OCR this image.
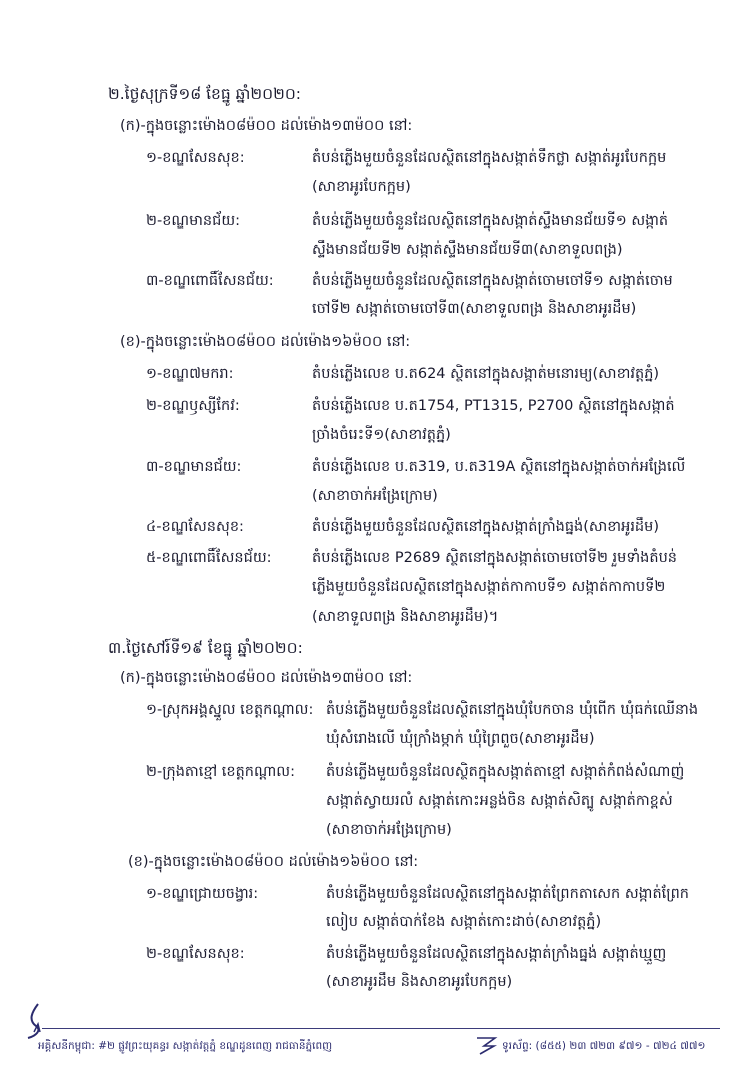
២.ថ្ងៃសុក្រទី១៨ ខែធ្នូ ឆ្នាំ២០២០:
(ក)-ក្នុងចន្លោះម៉ោង០៨ម៉០០ ដល់ម៉ោង១៣ម៉០០ នៅ:
១-ខណ្ឌសែនសុខ:	តំបន់ភ្លើងមួយចំនួនដែលស្ថិតនៅក្នុងសង្កាត់ទឹកថ្លា សង្កាត់អូរបែកក្អម
(សាខាអូរបែកក្អម)
២-ខណ្ឌមានជ័យ:	តំបន់ភ្លើងមួយចំនួនដែលស្ថិតនៅក្នុងសង្កាត់ស្ទឹងមានជ័យទី១ សង្កាត់
ស្ទឹងមានជ័យទី២ សង្កាត់ស្ទឹងមានជ័យទី៣(សាខាទួលពង្រ)
៣-ខណ្ឌពោធិ៍សែនជ័យ:	តំបន់ភ្លើងមួយចំនួនដែលស្ថិតនៅក្នុងសង្កាត់ចោមចៅទី១ សង្កាត់ចោម
ចៅទី២ សង្កាត់ចោមចៅទី៣(សាខាទួលពង្រ និងសាខាអូរដឹម)
(ខ)-ក្នុងចន្លោះម៉ោង០៨ម៉០០ ដល់ម៉ោង១៦ម៉០០ នៅ:
១-ខណ្ឌ៧មករា:	តំបន់ភ្លើងលេខ ប.ត624 ស្ថិតនៅក្នុងសង្កាត់មនោរម្យ(សាខាវត្តភ្នំ)
២-ខណ្ឌឫស្សីកែវ:	តំបន់ភ្លើងលេខ ប.ត1754, PT1315, P2700 ស្ថិតនៅក្នុងសង្កាត់
ច្រាំងចំរេះទី១(សាខាវត្តភ្នំ)
៣-ខណ្ឌមានជ័យ:	តំបន់ភ្លើងលេខ ប.ត319, ប.ត319A ស្ថិតនៅក្នុងសង្កាត់ចាក់អង្រែលើ
(សាខាចាក់អង្រែក្រោម)
៤-ខណ្ឌសែនសុខ:	តំបន់ភ្លើងមួយចំនួនដែលស្ថិតនៅក្នុងសង្កាត់ក្រាំងធ្នង់(សាខាអូរដឹម)
៥-ខណ្ឌពោធិ៍សែនជ័យ:	តំបន់ភ្លើងលេខ P2689 ស្ថិតនៅក្នុងសង្កាត់ចោមចៅទី២ រួមទាំងតំបន់
ភ្លើងមួយចំនួនដែលស្ថិតនៅក្នុងសង្កាត់កាកាបទី១ សង្កាត់កាកាបទី២
(សាខាទួលពង្រ និងសាខាអូរដឹម)។
៣.ថ្ងៃសៅរ៍ទី១៩ ខែធ្នូ ឆ្នាំ២០២០:
(ក)-ក្នុងចន្លោះម៉ោង០៨ម៉០០ ដល់ម៉ោង១៣ម៉០០ នៅ:
១-ស្រុកអង្គស្នួល ខេត្តកណ្ដាល: តំបន់ភ្លើងមួយចំនួនដែលស្ថិតនៅក្នុងឃុំបែកចាន ឃុំពើក ឃុំធក់ឈើនាង
ឃុំសំរោងលើ ឃុំក្រាំងម្កាក់ ឃុំព្រៃពួច(សាខាអូរដឹម)
២-ក្រុងតាខ្មៅ ខេត្តកណ្ដាល: តំបន់ភ្លើងមួយចំនួនដែលស្ថិតក្នុងសង្កាត់តាខ្មៅ សង្កាត់កំពង់សំណាញ់
សង្កាត់ស្វាយរលំ សង្កាត់កោះអន្លង់ចិន សង្កាត់សិត្បូ សង្កាត់កាខ្ពស់
(សាខាចាក់អង្រែក្រោម)
(ខ)-ក្នុងចន្លោះម៉ោង០៨ម៉០០ ដល់ម៉ោង១៦ម៉០០ នៅ:
១-ខណ្ឌជ្រោយចង្វារ:	តំបន់ភ្លើងមួយចំនួនដែលស្ថិតនៅក្នុងសង្កាត់ព្រែកតាសេក សង្កាត់ព្រែក
លៀប សង្កាត់បាក់ខែង សង្កាត់កោះដាច់(សាខាវត្តភ្នំ)
២-ខណ្ឌសែនសុខ:	តំបន់ភ្លើងមួយចំនួនដែលស្ថិតនៅក្នុងសង្កាត់ក្រាំងធ្នង់ សង្កាត់ឃ្មួញ
(សាខាអូរដឹម និងសាខាអូរបែកក្អម)
អគ្គិសនីកម្ពុជា: #២ ផ្លូវព្រះយុគន្ធរ សង្កាត់វត្តភ្នំ ខណ្ឌដូនពេញ រាជធានីភ្នំពេញ	ទូរស័ព្ទ: (៨៥៥) ២៣ ៧២៣ ៩៧១ - ៧២៤ ៧៧១
